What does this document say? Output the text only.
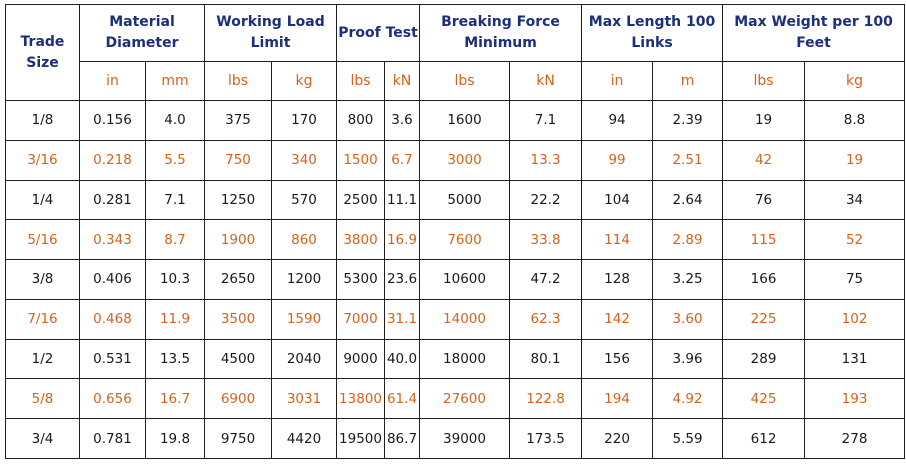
Trade Size	Material Diameter		Working Load Limit		Proof Test		Breaking Force Minimum		Max Length 100 Links		Max Weight per 100 Feet	
	in	mm	lbs	kg	lbs	kN	lbs	kN	in	m	lbs	kg
1/8	0.156	4.0	375	170	800	3.6	1600	7.1	94	2.39	19	8.8
3/16	0.218	5.5	750	340	1500	6.7	3000	13.3	99	2.51	42	19
1/4	0.281	7.1	1250	570	2500	11.1	5000	22.2	104	2.64	76	34
5/16	0.343	8.7	1900	860	3800	16.9	7600	33.8	114	2.89	115	52
3/8	0.406	10.3	2650	1200	5300	23.6	10600	47.2	128	3.25	166	75
7/16	0.468	11.9	3500	1590	7000	31.1	14000	62.3	142	3.60	225	102
1/2	0.531	13.5	4500	2040	9000	40.0	18000	80.1	156	3.96	289	131
5/8	0.656	16.7	6900	3031	13800	61.4	27600	122.8	194	4.92	425	193
3/4	0.781	19.8	9750	4420	19500	86.7	39000	173.5	220	5.59	612	278
